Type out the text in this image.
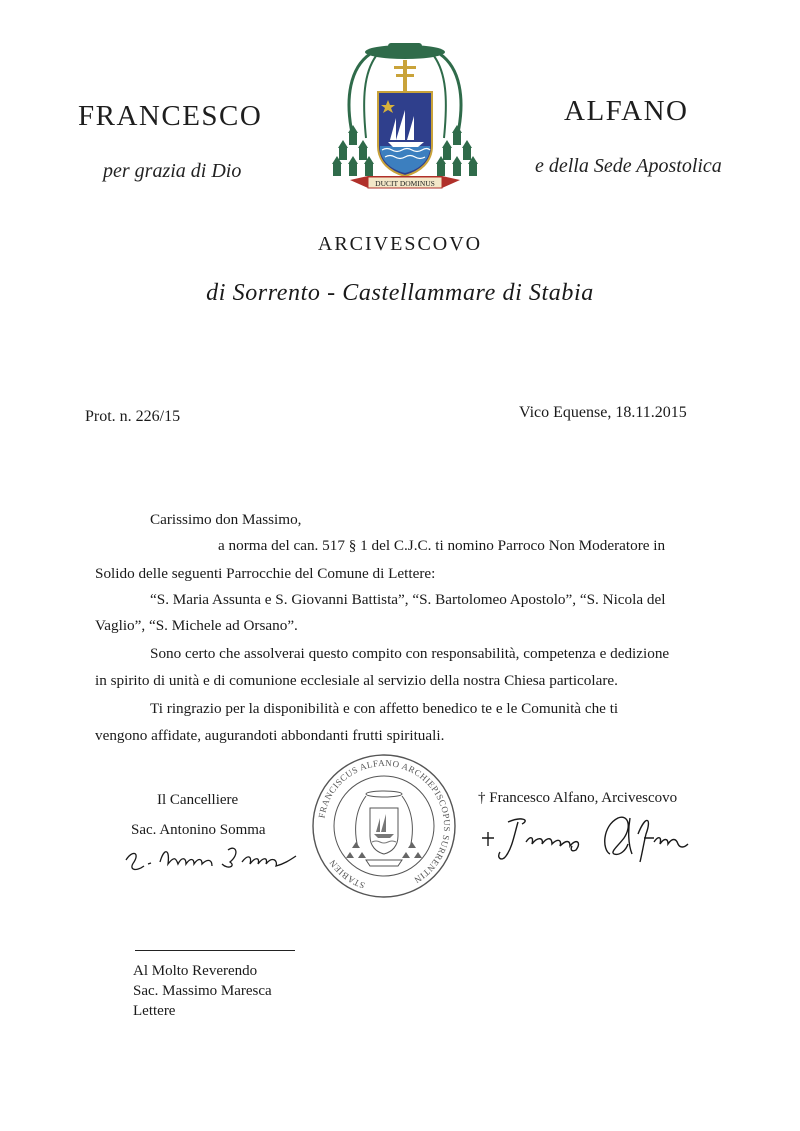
FRANCESCO	ALFANO
per grazia di Dio	e della Sede Apostolica
DUCIT DOMINUS
ARCIVESCOVO
di Sorrento - Castellammare di Stabia
Prot. n. 226/15	Vico Equense, 18.11.2015
Carissimo don Massimo,
a norma del can. 517 § 1 del C.J.C. ti nomino Parroco Non Moderatore in
Solido delle seguenti Parrocchie del Comune di Lettere:
“S. Maria Assunta e S. Giovanni Battista”, “S. Bartolomeo Apostolo”, “S. Nicola del
Vaglio”, “S. Michele ad Orsano”.
Sono certo che assolverai questo compito con responsabilità, competenza e dedizione
in spirito di unità e di comunione ecclesiale al servizio della nostra Chiesa particolare.
Ti ringrazio per la disponibilità e con affetto benedico te e le Comunità che ti
vengono affidate, augurandoti abbondanti frutti spirituali.
Il Cancelliere
Sac. Antonino Somma
FRANCISCUS ALFANO ARCHIEPISCOPUS SURRENTIN
STABIEN
† Francesco Alfano, Arcivescovo
Al Molto Reverendo
Sac. Massimo Maresca
Lettere
